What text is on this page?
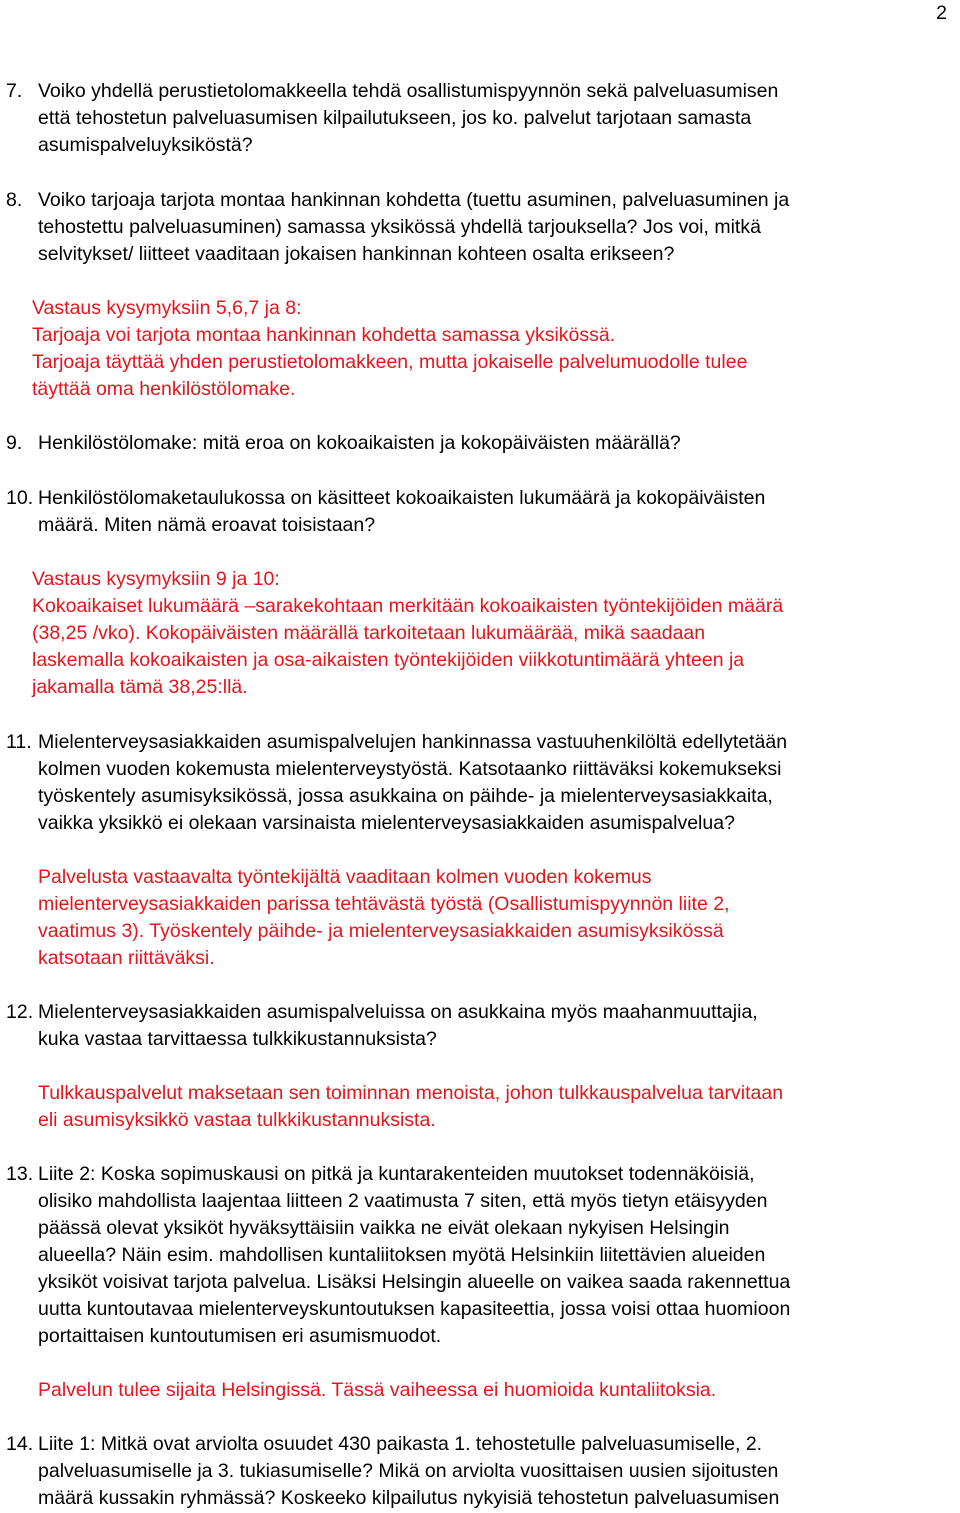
2
7. Voiko yhdellä perustietolomakkeella tehdä osallistumispyynnön sekä palveluasumisen

että tehostetun palveluasumisen kilpailutukseen, jos ko. palvelut tarjotaan samasta

asumispalveluyksiköstä?

8. Voiko tarjoaja tarjota montaa hankinnan kohdetta (tuettu asuminen, palveluasuminen ja

tehostettu palveluasuminen) samassa yksikössä yhdellä tarjouksella? Jos voi, mitkä

selvitykset/ liitteet vaaditaan jokaisen hankinnan kohteen osalta erikseen?

Vastaus kysymyksiin 5,6,7 ja 8:

Tarjoaja voi tarjota montaa hankinnan kohdetta samassa yksikössä.

Tarjoaja täyttää yhden perustietolomakkeen, mutta jokaiselle palvelumuodolle tulee

täyttää oma henkilöstölomake.

9. Henkilöstölomake: mitä eroa on kokoaikaisten ja kokopäiväisten määrällä?

10. Henkilöstölomaketaulukossa on käsitteet kokoaikaisten lukumäärä ja kokopäiväisten

määrä. Miten nämä eroavat toisistaan?

Vastaus kysymyksiin 9 ja 10:

Kokoaikaiset lukumäärä –sarakekohtaan merkitään kokoaikaisten työntekijöiden määrä

(38,25 /vko). Kokopäiväisten määrällä tarkoitetaan lukumäärää, mikä saadaan

laskemalla kokoaikaisten ja osa-aikaisten työntekijöiden viikkotuntimäärä yhteen ja

jakamalla tämä 38,25:llä.

11. Mielenterveysasiakkaiden asumispalvelujen hankinnassa vastuuhenkilöltä edellytetään

kolmen vuoden kokemusta mielenterveystyöstä. Katsotaanko riittäväksi kokemukseksi

työskentely asumisyksikössä, jossa asukkaina on päihde- ja mielenterveysasiakkaita,

vaikka yksikkö ei olekaan varsinaista mielenterveysasiakkaiden asumispalvelua?

Palvelusta vastaavalta työntekijältä vaaditaan kolmen vuoden kokemus

mielenterveysasiakkaiden parissa tehtävästä työstä (Osallistumispyynnön liite 2,

vaatimus 3). Työskentely päihde- ja mielenterveysasiakkaiden asumisyksikössä

katsotaan riittäväksi.

12. Mielenterveysasiakkaiden asumispalveluissa on asukkaina myös maahanmuuttajia,

kuka vastaa tarvittaessa tulkkikustannuksista?

Tulkkauspalvelut maksetaan sen toiminnan menoista, johon tulkkauspalvelua tarvitaan

eli asumisyksikkö vastaa tulkkikustannuksista.

13. Liite 2: Koska sopimuskausi on pitkä ja kuntarakenteiden muutokset todennäköisiä,

olisiko mahdollista laajentaa liitteen 2 vaatimusta 7 siten, että myös tietyn etäisyyden

päässä olevat yksiköt hyväksyttäisiin vaikka ne eivät olekaan nykyisen Helsingin

alueella? Näin esim. mahdollisen kuntaliitoksen myötä Helsinkiin liitettävien alueiden

yksiköt voisivat tarjota palvelua. Lisäksi Helsingin alueelle on vaikea saada rakennettua

uutta kuntoutavaa mielenterveyskuntoutuksen kapasiteettia, jossa voisi ottaa huomioon

portaittaisen kuntoutumisen eri asumismuodot.

Palvelun tulee sijaita Helsingissä. Tässä vaiheessa ei huomioida kuntaliitoksia.

14. Liite 1: Mitkä ovat arviolta osuudet 430 paikasta 1. tehostetulle palveluasumiselle, 2.

palveluasumiselle ja 3. tukiasumiselle? Mikä on arviolta vuosittaisen uusien sijoitusten

määrä kussakin ryhmässä? Koskeeko kilpailutus nykyisiä tehostetun palveluasumisen
